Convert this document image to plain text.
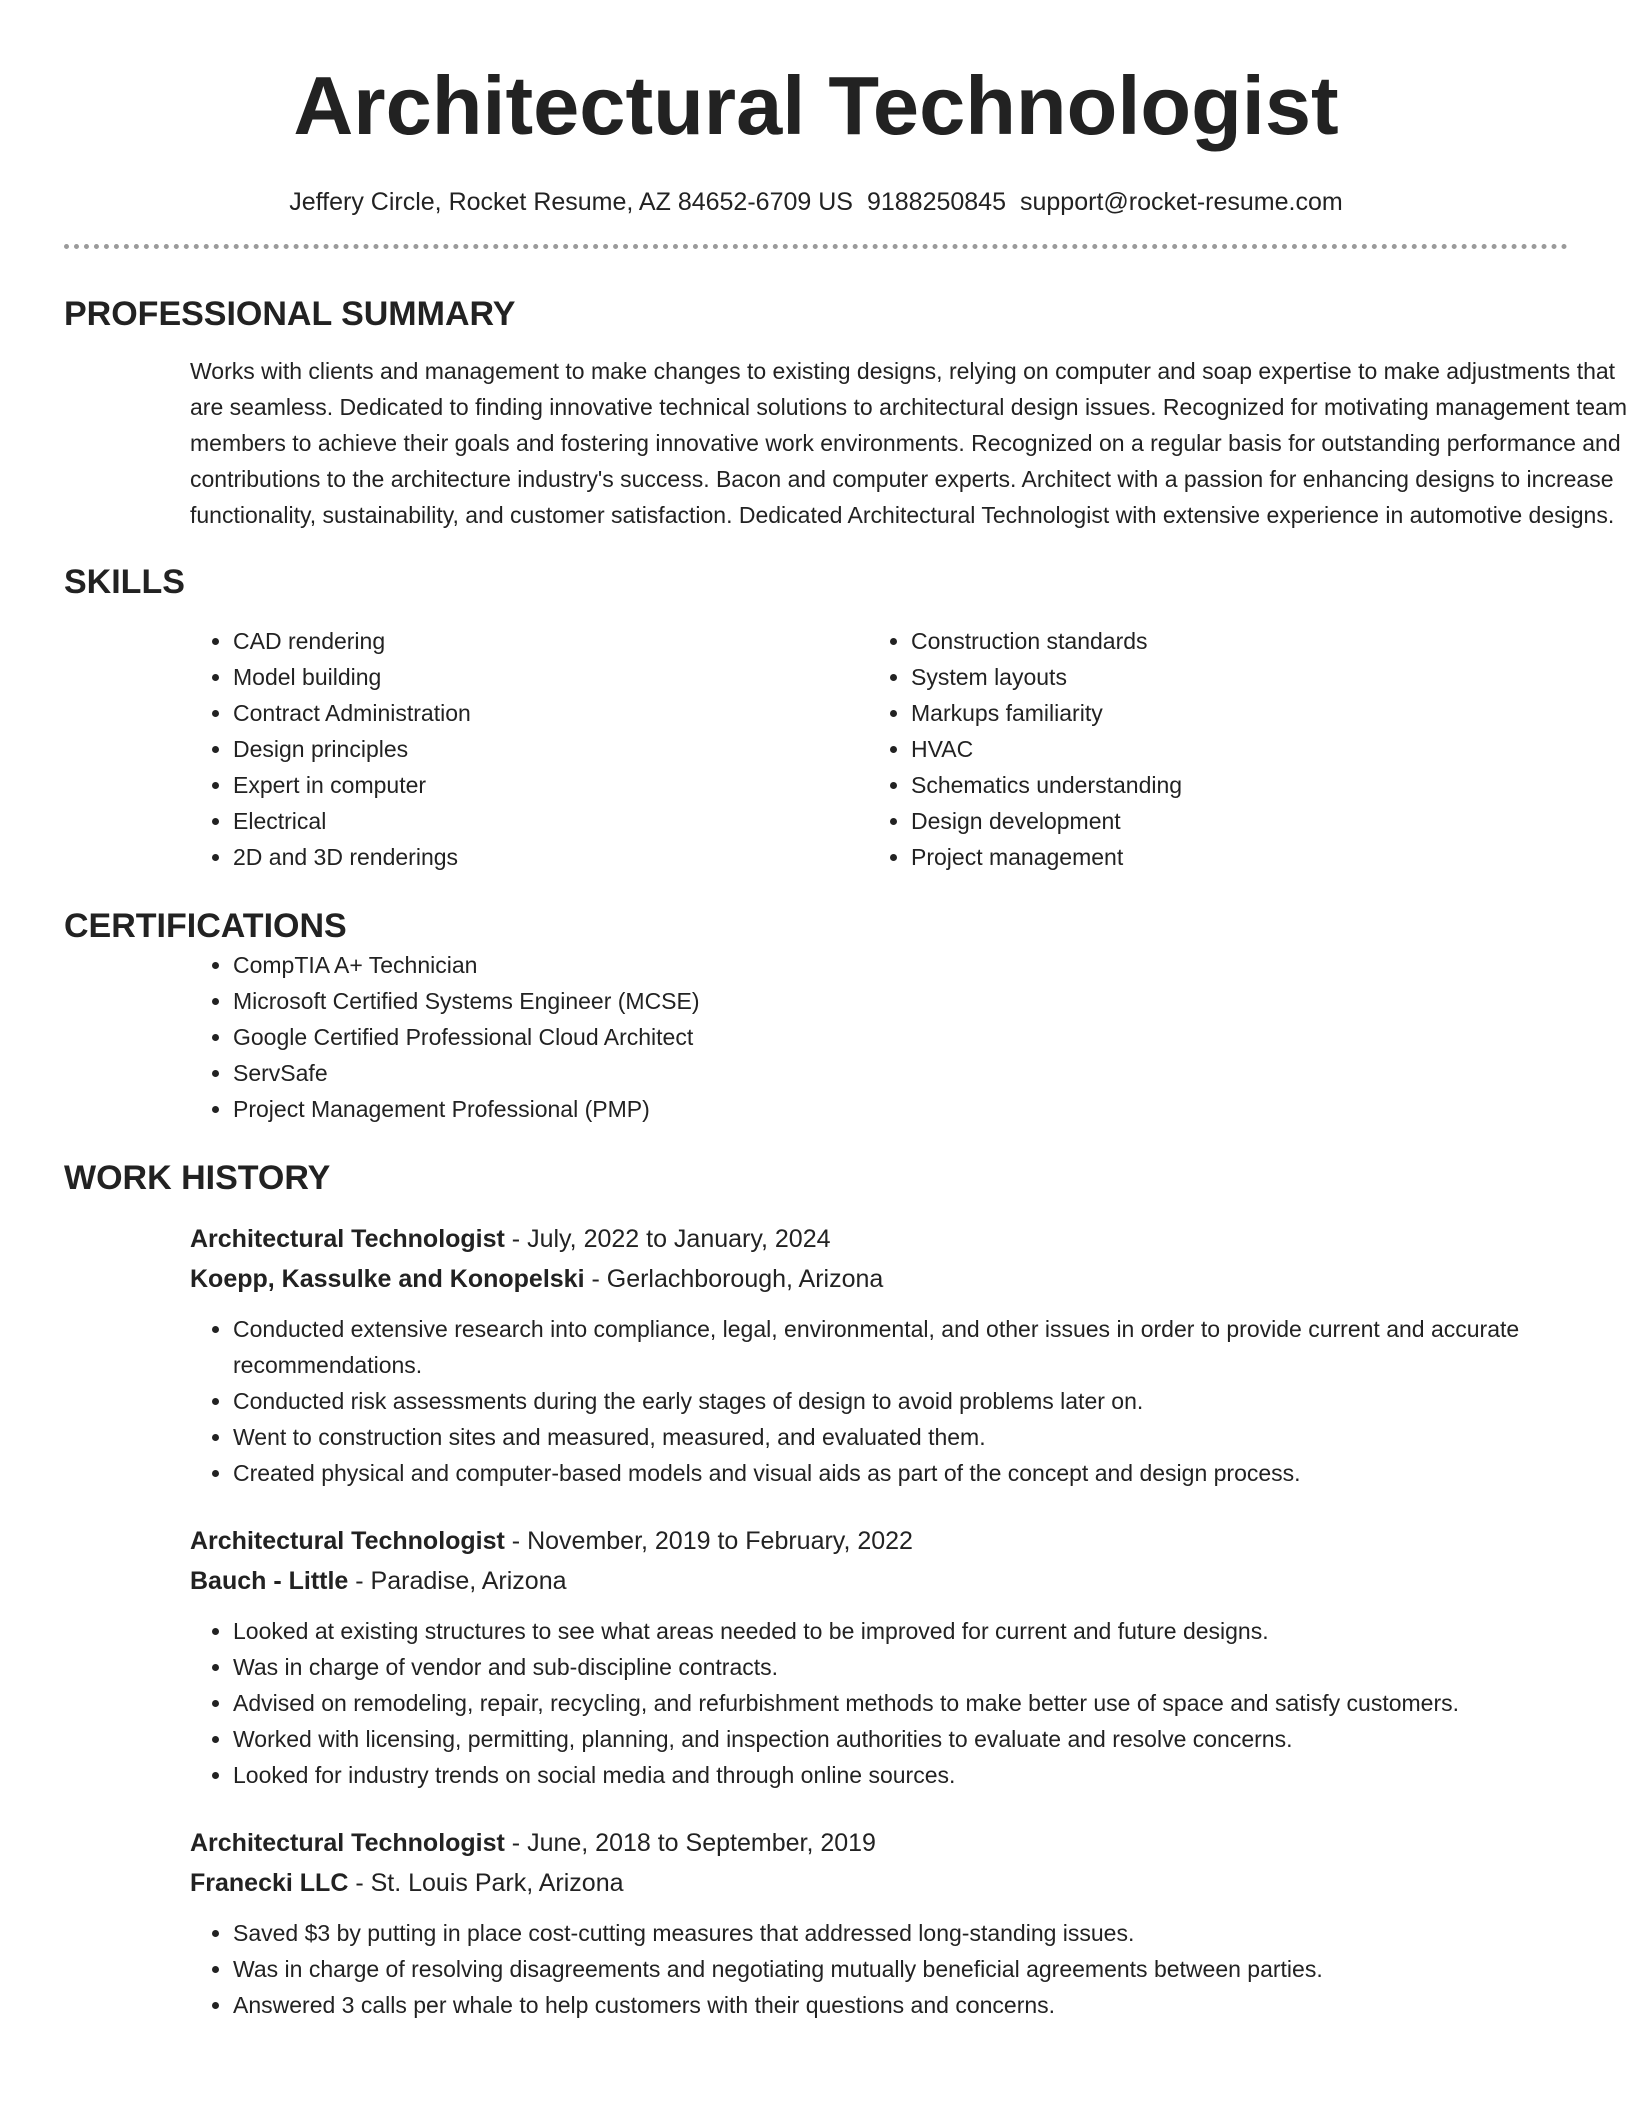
Architectural Technologist
Jeffery Circle, Rocket Resume, AZ 84652-6709 US 9188250845 support@rocket-resume.com
PROFESSIONAL SUMMARY

Works with clients and management to make changes to existing designs, relying on computer and soap expertise to make adjustments that are seamless. Dedicated to finding innovative technical solutions to architectural design issues. Recognized for motivating management team members to achieve their goals and fostering innovative work environments. Recognized on a regular basis for outstanding performance and contributions to the architecture industry's success. Bacon and computer experts. Architect with a passion for enhancing designs to increase functionality, sustainability, and customer satisfaction. Dedicated Architectural Technologist with extensive experience in automotive designs.

SKILLS
• CAD rendering
• Model building
• Contract Administration
• Design principles
• Expert in computer
• Electrical
• 2D and 3D renderings
• Construction standards
• System layouts
• Markups familiarity
• HVAC
• Schematics understanding
• Design development
• Project management
CERTIFICATIONS
• CompTIA A+ Technician
• Microsoft Certified Systems Engineer (MCSE)
• Google Certified Professional Cloud Architect
• ServSafe
• Project Management Professional (PMP)
WORK HISTORY
Architectural Technologist - July, 2022 to January, 2024
Koepp, Kassulke and Konopelski - Gerlachborough, Arizona
• Conducted extensive research into compliance, legal, environmental, and other issues in order to provide current and accurate recommendations.
• Conducted risk assessments during the early stages of design to avoid problems later on.
• Went to construction sites and measured, measured, and evaluated them.
• Created physical and computer-based models and visual aids as part of the concept and design process.
Architectural Technologist - November, 2019 to February, 2022
Bauch - Little - Paradise, Arizona
• Looked at existing structures to see what areas needed to be improved for current and future designs.
• Was in charge of vendor and sub-discipline contracts.
• Advised on remodeling, repair, recycling, and refurbishment methods to make better use of space and satisfy customers.
• Worked with licensing, permitting, planning, and inspection authorities to evaluate and resolve concerns.
• Looked for industry trends on social media and through online sources.
Architectural Technologist - June, 2018 to September, 2019
Franecki LLC - St. Louis Park, Arizona
• Saved $3 by putting in place cost-cutting measures that addressed long-standing issues.
• Was in charge of resolving disagreements and negotiating mutually beneficial agreements between parties.
• Answered 3 calls per whale to help customers with their questions and concerns.
